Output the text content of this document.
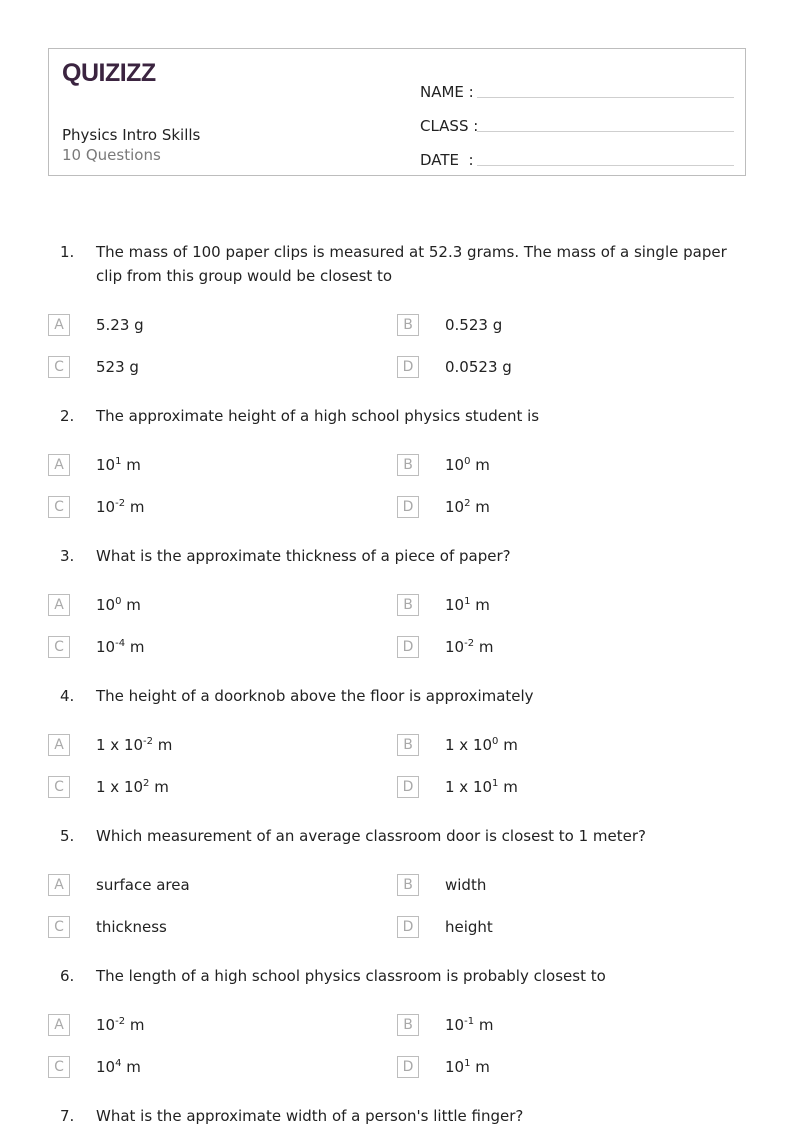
QUIZIZZ
Physics Intro Skills
10 Questions
NAME :
CLASS :
DATE  :
1. The mass of 100 paper clips is measured at 52.3 grams. The mass of a single paper clip from this group would be closest to
A	5.23 g	B	0.523 g
C	523 g	D	0.0523 g
2. The approximate height of a high school physics student is
A	$10^1$ m	B	$10^0$ m
C	$10^{-2}$ m	D	$10^2$ m
3. What is the approximate thickness of a piece of paper?
A	$10^0$ m	B	$10^1$ m
C	$10^{-4}$ m	D	$10^{-2}$ m
4. The height of a doorknob above the floor is approximately
A	1 x $10^{-2}$ m	B	1 x $10^0$ m
C	1 x $10^2$ m	D	1 x $10^1$ m
5. Which measurement of an average classroom door is closest to 1 meter?
A	surface area	B	width
C	thickness	D	height
6. The length of a high school physics classroom is probably closest to
A	$10^{-2}$ m	B	$10^{-1}$ m
C	$10^4$ m	D	$10^1$ m
7. What is the approximate width of a person's little finger?
